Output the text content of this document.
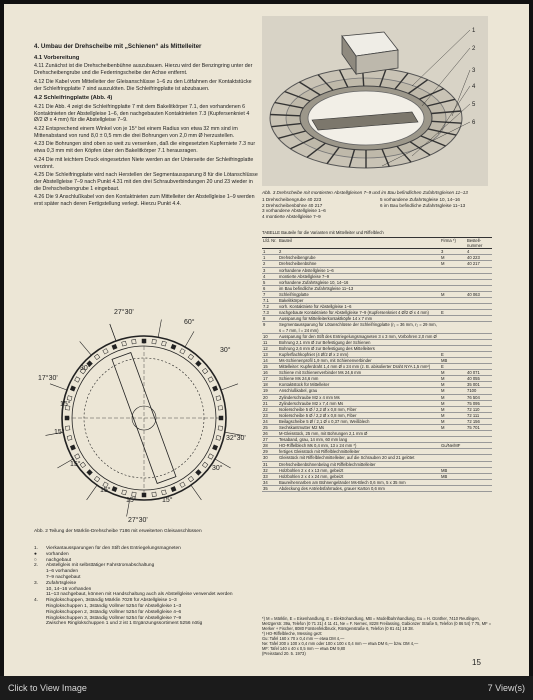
4. Umbau der Drehscheibe mit „Schienen“ als Mittelleiter
4.1 Vorbereitung

4.11 Zunächst ist die Drehscheibenbühne auszubauen. Hierzu wird der Benzingring unter der Drehscheibengrube und die Federringscheibe der Achse entfernt.

4.12 Die Kabel vom Mittelleiter der Gleisanschlüsse 1–6 zu den Lötfahnen der Kontaktstücke der Schleifringplatte 7 sind auszulöten. Die Schleifringplatte ist abzubauen.

4.2 Schleifringplatte (Abb. 4)

4.21 Die Abb. 4 zeigt die Schleifringplatte 7 mit dem Bakelitkörper 7.1, den vorhandenen 6 Kontaktnieten der Abstellgleise 1–6, den nachgebauten Kontaktnieten 7.3 (Kupfersenkniet 4 Ø/2 Ø x 4 mm) für die Abstellgleise 7–9.

4.22 Entsprechend einem Winkel von je 15° bei einem Radius von etwa 32 mm sind im Mittenabstand von rund 8,0 ± 0,5 mm die drei Bohrungen von 2,0 mm Ø herzustellen.

4.23 Die Bohrungen sind oben so weit zu versenken, daß die eingesetzten Kupferniete 7.3 nur etwa 0,3 mm mit den Köpfen über den Bakelitkörper 7.1 herausragen.

4.24 Die mit leichtem Druck eingesetzten Niete werden an der Unterseite der Schleifringplatte verzinnt.

4.25 Die Schleifringplatte wird nach Herstellen der Segmentaussparung 8 für die Lötanschlüsse der Abstellgleise 7–9 nach Punkt 4.31 mit den drei Schraubverbindungen 20 und 23 wieder in die Drehscheibengrube 1 eingebaut.

4.26 Die 9 Anschlußkabel von den Kontaktnieten zum Mittelleiter der Abstellgleise 1–9 werden erst später nach deren Fertigstellung verlegt. Hierzu Punkt 4.4.

27°30'
60°
30°
17°30'
30°
15°
15°
32°30'
30°
15°
15°
15°	15°
27°30'
Abb. 2 Teilung der Märklin-Drehscheibe 7186 mit erweiterten Gleisanschlüssen
1.	Vierkantaussparungen für den Stift des Entriegelungsmagneten
●	vorhanden
○	nachgebaut
2.	Abstellgleis mit selbsttätiger Fahrstromabschaltung
1–6 vorhanden
7–9 nachgebaut
3.	Zufahrtsgleise
10, 14–16 vorhanden
11–13 nachgebaut, können mit Handschaltung auch als Abstellgleise verwendet werden
4.	Ringlokschuppen, 3ständig Märklin 7028 für Abstellgleise 1–3
Ringlokschuppen 1, 3ständig Vollmer 5254 für Abstellgleise 1–3
Ringlokschuppen 2, 3ständig Vollmer 5254 für Abstellgleise 4–6
Ringlokschuppen 3, 3ständig Vollmer 5254 für Abstellgleise 7–9
Zwischen Ringlokschuppen 1 und 2 ist 1 Ergänzungssortiment 5256 nötig
1
2
3
4
5
6
Abb. 3 Drehscheibe mit montierten Abstellgleisen 7–9 und im Bau befindlichen Zufahrtsgleisen 11–13
1 Drehscheibengrube 40 223	5 vorhandene Zufahrtsgleise 10, 14–16
2 Drehscheibenbühne 40 217	6 im Bau befindliche Zufahrtsgleise 11–13
3 vorhandene Abstellgleise 1–6
4 montierte Abstellgleise 7–9
TABELLE Bauteile für die Varianten mit Mittelleiter und Riffelblech
Lfd. Nr.	Bauteil	Firma *)	Bestell-nummer
1	2	3	4
1	Drehscheibengrube	M	40 223
2	Drehscheibenbühne	M	40 217
3	vorhandene Abstellgleise 1–6		
4	montierte Abstellgleise 7–9		
5	vorhandene Zufahrtsgleise 10, 14–16		
6	im Bau befindliche Zufahrtsgleise 11–13		
7	Schleifringplatte	M	40 063
7.1	Bakelitkörper		
7.2	vorh. Kontaktniete für Abstellgleise 1–6		
7.3	nachgebaute Kontaktniete für Abstellgleise 7–9 (Kupfersenkniet 4 Ø/2 Ø x 4 mm)	E	
8	Aussparung für Mittelleiterkontaktköpfe 14 x 7 mm		
9	Segmentaussparung für Lötanschlüsse der Schleifringplatte (r₁ = 36 mm, r₂ = 29 mm, s = 7 mm, l = 24 mm)		
10	Aussparung für den Stift des Entriegelungsmagneten 3 x 3 mm, Vorbohren 2,0 mm Ø		
11	Bohrung 2,1 mm Ø zur Befestigung der Schienen		
12	Bohrung 2,6 mm Ø zur Befestigung des Mittelleiters		
13	Kupferflachkopfniet (4 Ø/2 Ø x 2 mm)	E	
14	Ms-Schienenprofil 1,9 mm, mit Schienenverbinder	MB	
15	Mittelleiter: Kupferdraht 1,4 mm Ø x 24 mm (z. B. abisolierter Draht NYA 1,5 mm²)	E	
16	Schiene mit Schienenverbinder Ms 24,6 mm	M	40 071
17	Schiene Ms 24,6 mm	M	40 055
18	Kontaktstück für Mittelleiter	M	35 001
19	Anschlußkabel, grau	M	7100
20	Zylinderschraube M2 x 4 mm Ms	M	76 504
21	Zylinderschraube M2 x 7,4 mm Ms	M	75 095
22	Isolierscheibe 5 Ø / 2,2 Ø x 0,8 mm, Fiber	M	72 110
23	Isolierscheibe 5 Ø / 2,2 Ø x 0,8 mm, Fiber	M	72 111
24	Beilagscheibe 5 Ø / 2,1 Ø x 0,37 mm, Weißblech	M	72 156
25	Sechskantmutter M2 Ms	M	75 701
26	M-Gleisstück, 25 mm, mit Bohrungen 2,1 mm Ø		
27	Tesaband, grau, 14 mm, 60 mm lang		
28	HO-Riffelblech Ms 0,4 mm, 13 x 24 mm *)	Gu/Ne/MF	
29	fertiges Gleisstück mit Riffelblechmittelleiter		
30	Gleisstück mit Riffelblechmittelleiter, auf die Schrauben 20 und 21 gelötet		
31	Drehscheibenbühnenbelag mit Riffelblechmittelleiter		
32	Holzbohlen 2 x 4 x 13 mm, gebeizt	MB	
33	Holzbohlen 2 x 4 x 24 mm, gebeizt	MB	
34	Baureihennarben am Bühnengeländer Ms-Blech 0,6 mm, 5 x 35 mm		
35	Abdeckung des Antriebsfahrrades, grauer Karton 0,6 mm		
*) M = Märklin, E = Eisenhandlung, E = Elektrohandlung, MB = Modellbahnhandlung, Gu = H. Günther, 7410 Reutlingen, Metzgerstr. 39a, Telefon (0 71 21) 4 11 41, Ne = F. Nemec, 8228 Freilassing, Gabionzer Straße 5, Telefon (0 86 54) 7 75, MF = Merker + Fischer, 8080 Fürstenfeldbruck, Röntgenstraße 6, Telefon (0 81 41) 18 38.
*) HO-Riffelbleche, Messing gezt:
Gu: Tafel 160 x 70 x 0,4 mm — etwa DM 4,—
Ne: Tafel 200 x 100 x 0,4 mm oder 100 x 100 x 0,4 mm — etwa DM 6,— bzw. DM 4,—
MF: Tafel 140 x 40 x 0,5 mm — etwa DM 9,80
(Preisstand 20. 5. 1973)
15
Click to View Image	7 View(s)
